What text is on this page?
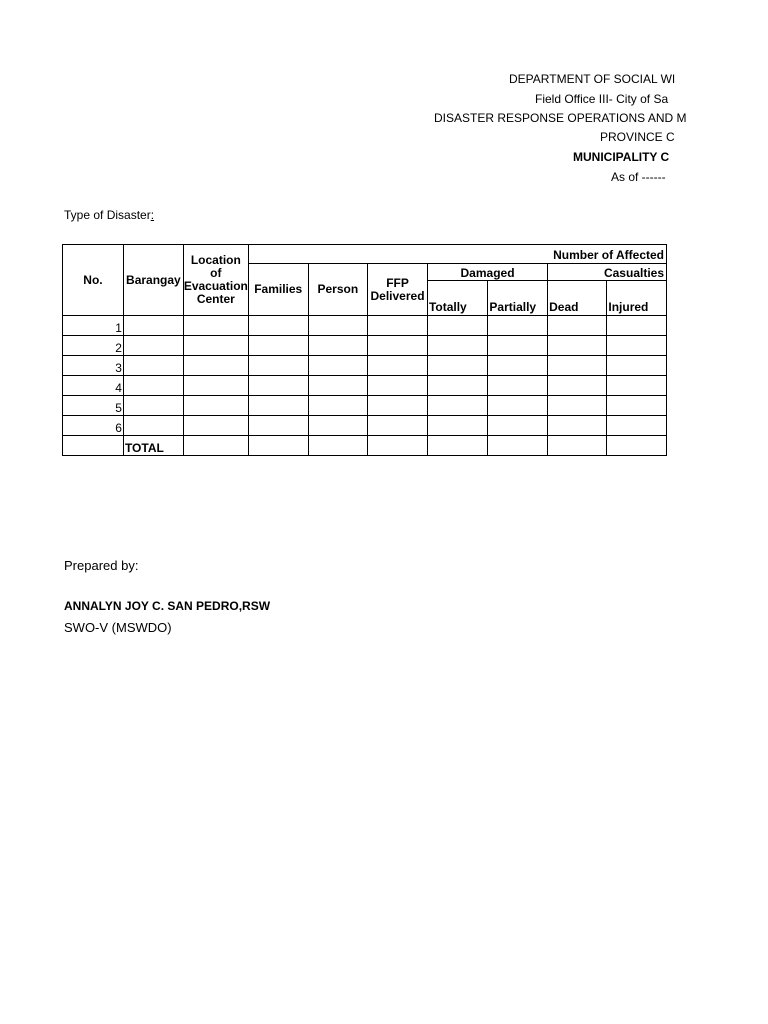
DEPARTMENT OF SOCIAL WI
Field Office III- City of Sa
DISASTER RESPONSE OPERATIONS AND M
PROVINCE C
MUNICIPALITY C
As of ------
Type of Disaster:
No.	Barangay	Location of Evacuation Center	Number of Affected						
			Families	Person	FFP Delivered	Damaged		Casualties	
						Totally	Partially	Dead	Injured
1									
2									
3									
4									
5									
6									
	TOTAL								
Prepared by:
ANNALYN JOY C. SAN PEDRO,RSW
SWO-V (MSWDO)
